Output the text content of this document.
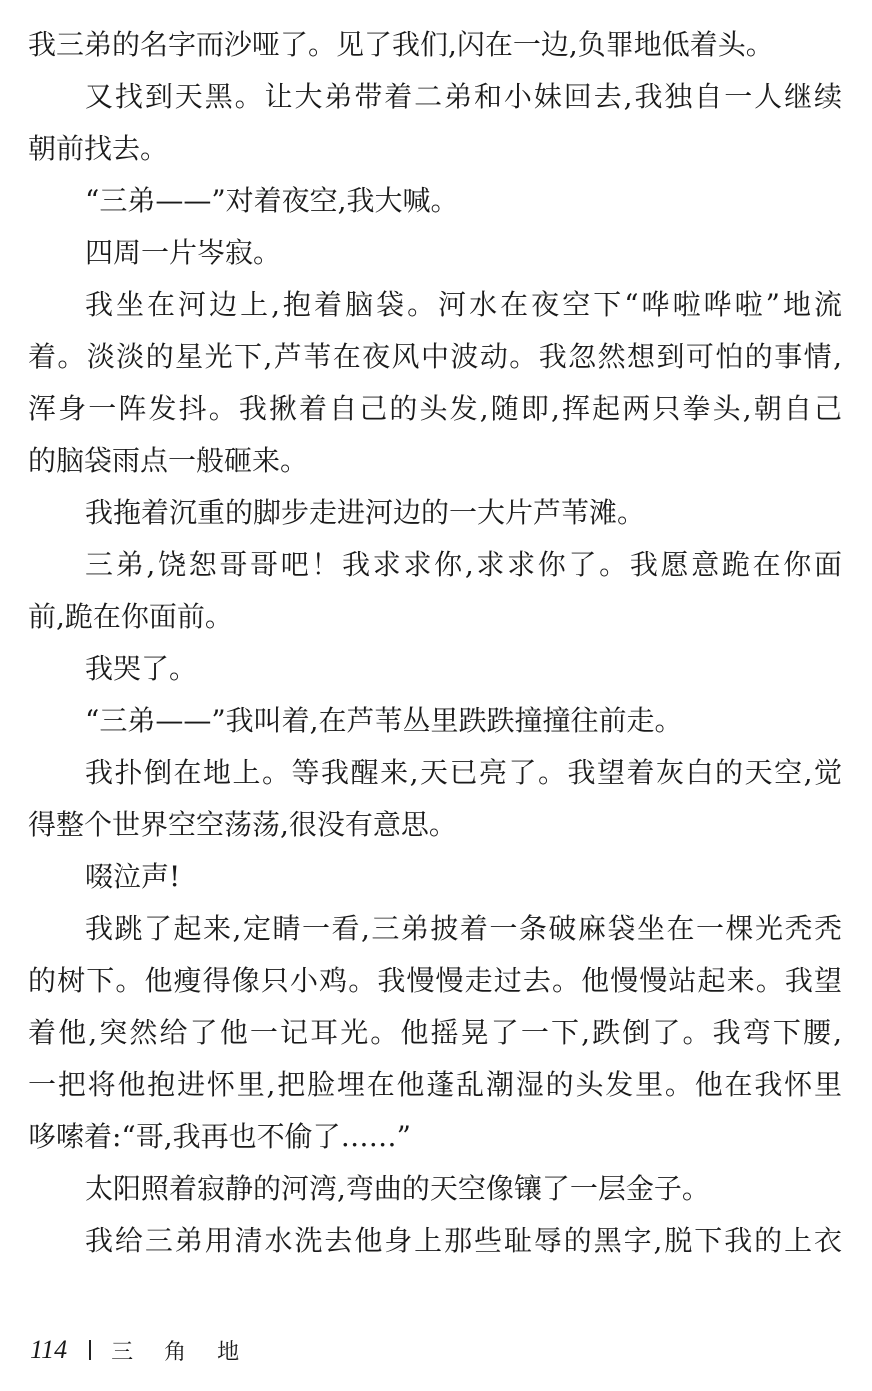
我三弟的名字而沙哑了。见了我们,闪在一边,负罪地低着头。
又找到天黑。让大弟带着二弟和小妹回去,我独自一人继续
朝前找去。
“三弟——”对着夜空,我大喊。
四周一片岑寂。
我坐在河边上,抱着脑袋。河水在夜空下“哗啦哗啦”地流
着。淡淡的星光下,芦苇在夜风中波动。我忽然想到可怕的事情,
浑身一阵发抖。我揪着自己的头发,随即,挥起两只拳头,朝自己
的脑袋雨点一般砸来。
我拖着沉重的脚步走进河边的一大片芦苇滩。
三弟,饶恕哥哥吧！我求求你,求求你了。我愿意跪在你面
前,跪在你面前。
我哭了。
“三弟——”我叫着,在芦苇丛里跌跌撞撞往前走。
我扑倒在地上。等我醒来,天已亮了。我望着灰白的天空,觉
得整个世界空空荡荡,很没有意思。
啜泣声!
我跳了起来,定睛一看,三弟披着一条破麻袋坐在一棵光秃秃
的树下。他瘦得像只小鸡。我慢慢走过去。他慢慢站起来。我望
着他,突然给了他一记耳光。他摇晃了一下,跌倒了。我弯下腰,
一把将他抱进怀里,把脸埋在他蓬乱潮湿的头发里。他在我怀里
哆嗦着:“哥,我再也不偷了……”
太阳照着寂静的河湾,弯曲的天空像镶了一层金子。
我给三弟用清水洗去他身上那些耻辱的黑字,脱下我的上衣
114 三 角 地
